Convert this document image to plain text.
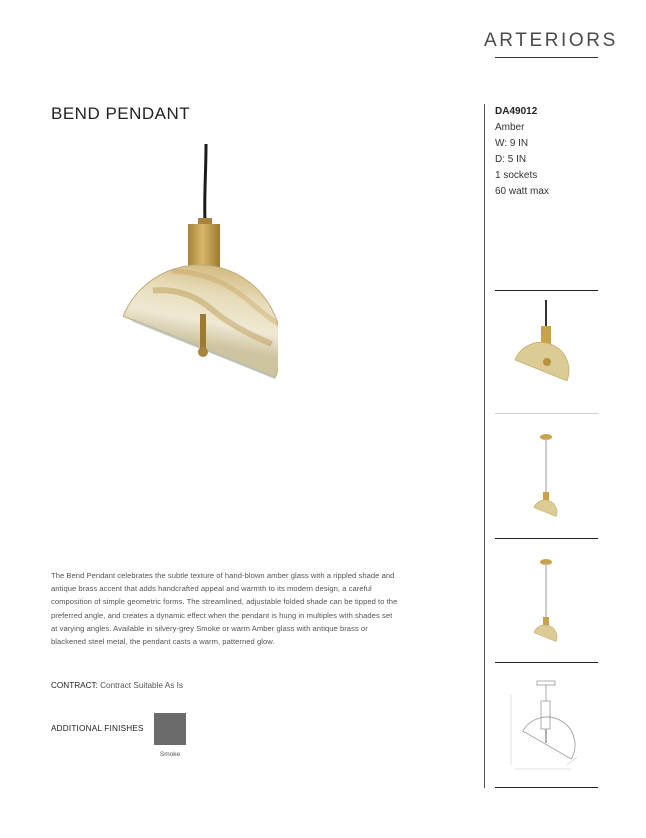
ARTERIORS
BEND PENDANT	DA49012
Amber
W: 9 IN
D: 5 IN
1 sockets
60 watt max
The Bend Pendant celebrates the subtle texture of hand-blown amber glass with a rippled shade and antique brass accent that adds handcrafted appeal and warmth to its modern design, a careful composition of simple geometric forms. The streamlined, adjustable folded shade can be tipped to the preferred angle, and creates a dynamic effect when the pendant is hung in multiples with shades set at varying angles. Available in silvery-grey Smoke or warm Amber glass with antique brass or blackened steel metal, the pendant casts a warm, patterned glow.
CONTRACT: Contract Suitable As Is
ADDITIONAL FINISHES
Smoke
